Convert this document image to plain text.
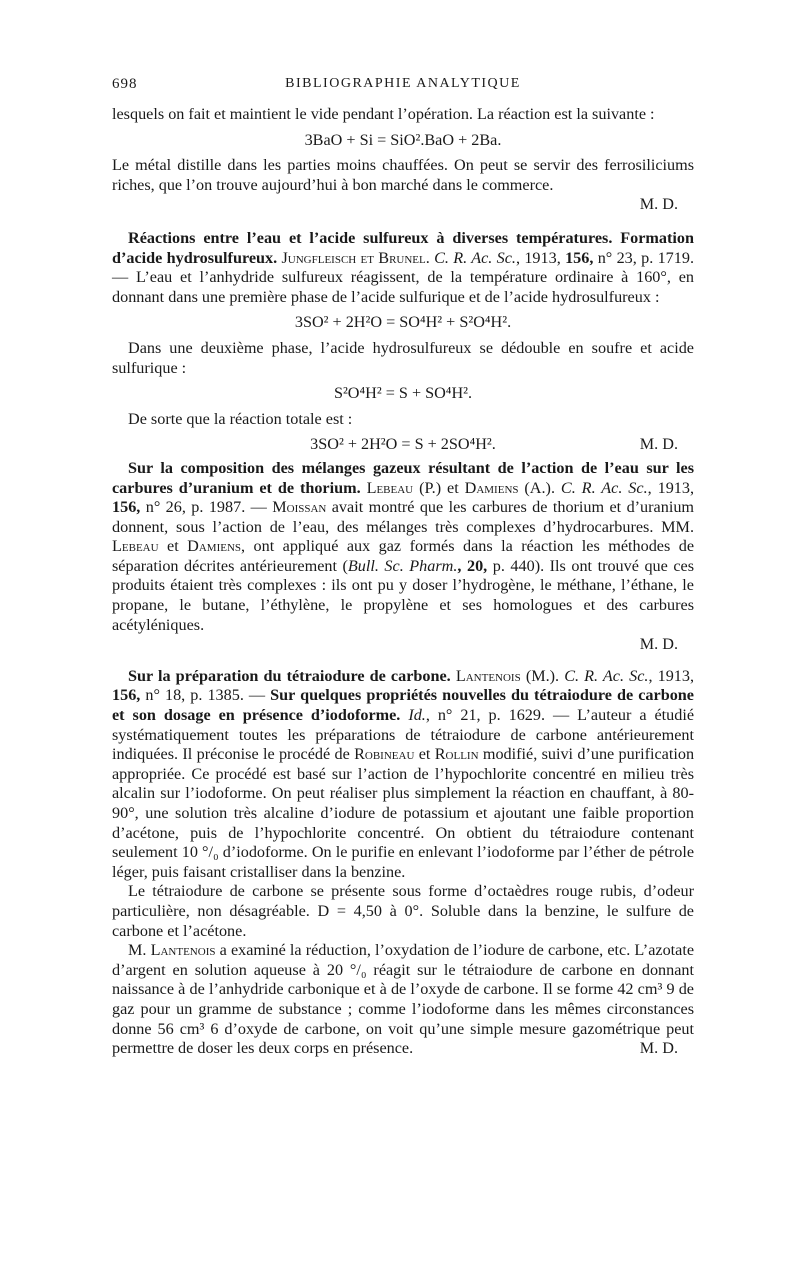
698	BIBLIOGRAPHIE ANALYTIQUE

lesquels on fait et maintient le vide pendant l’opération. La réaction est la suivante :

3BaO + Si = SiO².BaO + 2Ba.

Le métal distille dans les parties moins chauffées. On peut se servir des ferrosiliciums riches, que l’on trouve aujourd’hui à bon marché dans le commerce.

M. D.

Réactions entre l’eau et l’acide sulfureux à diverses températures. Formation d’acide hydrosulfureux. Jungfleisch et Brunel. C. R. Ac. Sc., 1913, 156, n° 23, p. 1719. — L’eau et l’anhydride sulfureux réagissent, de la température ordinaire à 160°, en donnant dans une première phase de l’acide sulfurique et de l’acide hydrosulfureux :

3SO² + 2H²O = SO⁴H² + S²O⁴H².

Dans une deuxième phase, l’acide hydrosulfureux se dédouble en soufre et acide sulfurique :

S²O⁴H² = S + SO⁴H².

De sorte que la réaction totale est :

3SO² + 2H²O = S + 2SO⁴H².	M. D.

Sur la composition des mélanges gazeux résultant de l’action de l’eau sur les carbures d’uranium et de thorium. Lebeau (P.) et Damiens (A.). C. R. Ac. Sc., 1913, 156, n° 26, p. 1987. — Moissan avait montré que les carbures de thorium et d’uranium donnent, sous l’action de l’eau, des mélanges très complexes d’hydrocarbures. MM. Lebeau et Damiens, ont appliqué aux gaz formés dans la réaction les méthodes de séparation décrites antérieurement (Bull. Sc. Pharm., 20, p. 440). Ils ont trouvé que ces produits étaient très complexes : ils ont pu y doser l’hydrogène, le méthane, l’éthane, le propane, le butane, l’éthylène, le propylène et ses homologues et des carbures acétyléniques.

M. D.

Sur la préparation du tétraiodure de carbone. Lantenois (M.). C. R. Ac. Sc., 1913, 156, n° 18, p. 1385. — Sur quelques propriétés nouvelles du tétraiodure de carbone et son dosage en présence d’iodoforme. Id., n° 21, p. 1629. — L’auteur a étudié systématiquement toutes les préparations de tétraiodure de carbone antérieurement indiquées. Il préconise le procédé de Robineau et Rollin modifié, suivi d’une purification appropriée. Ce procédé est basé sur l’action de l’hypochlorite concentré en milieu très alcalin sur l’iodoforme. On peut réaliser plus simplement la réaction en chauffant, à 80-90°, une solution très alcaline d’iodure de potassium et ajoutant une faible proportion d’acétone, puis de l’hypochlorite concentré. On obtient du tétraiodure contenant seulement 10 °/₀ d’iodoforme. On le purifie en enlevant l’iodoforme par l’éther de pétrole léger, puis faisant cristalliser dans la benzine.

Le tétraiodure de carbone se présente sous forme d’octaèdres rouge rubis, d’odeur particulière, non désagréable. D = 4,50 à 0°. Soluble dans la benzine, le sulfure de carbone et l’acétone.

M. Lantenois a examiné la réduction, l’oxydation de l’iodure de carbone, etc. L’azotate d’argent en solution aqueuse à 20 °/₀ réagit sur le tétraiodure de carbone en donnant naissance à de l’anhydride carbonique et à de l’oxyde de carbone. Il se forme 42 cm³ 9 de gaz pour un gramme de substance ; comme l’iodoforme dans les mêmes circonstances donne 56 cm³ 6 d’oxyde de carbone, on voit qu’une simple mesure gazométrique peut permettre de doser les deux corps en présence.	M. D.
